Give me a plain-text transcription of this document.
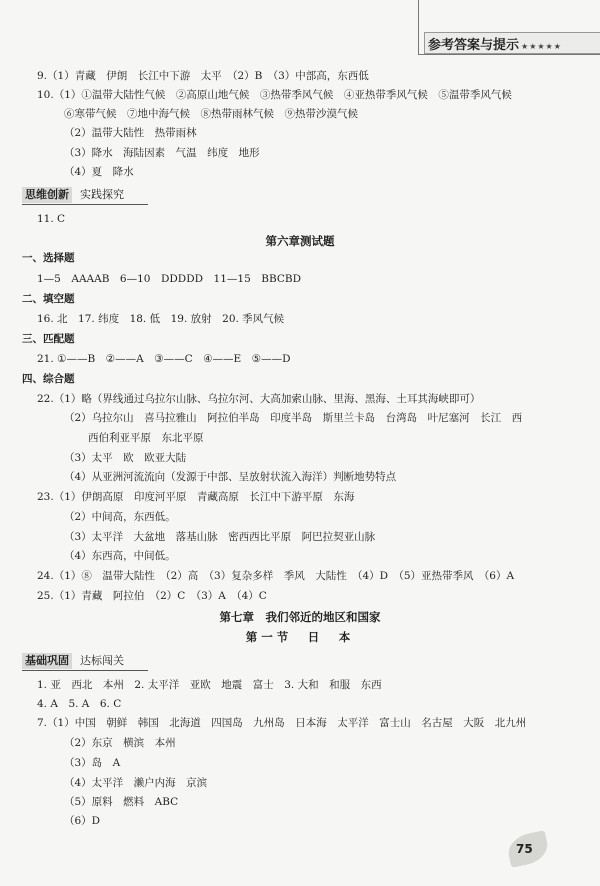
参考答案与提示 ★★★★★
9.（1）青藏　伊朗　长江中下游　太平　（2）B　（3）中部高，东西低
10.（1）①温带大陆性气候　②高原山地气候　③热带季风气候　④亚热带季风气候　⑤温带季风气候
⑥寒带气候　⑦地中海气候　⑧热带雨林气候　⑨热带沙漠气候
（2）温带大陆性　热带雨林
（3）降水　海陆因素　气温　纬度　地形
（4）夏　降水
思维创新 实践探究
11. C
第六章测试题
一、选择题
1—5　AAAAB　6—10　DDDDD　11—15　BBCBD
二、填空题
16. 北　17. 纬度　18. 低　19. 放射　20. 季风气候
三、匹配题
21. ①——B　②——A　③——C　④——E　⑤——D
四、综合题
22.（1）略（界线通过乌拉尔山脉、乌拉尔河、大高加索山脉、里海、黑海、土耳其海峡即可）
（2）乌拉尔山　喜马拉雅山　阿拉伯半岛　印度半岛　斯里兰卡岛　台湾岛　叶尼塞河　长江　西
西伯利亚平原　东北平原
（3）太平　欧　欧亚大陆
（4）从亚洲河流流向（发源于中部、呈放射状流入海洋）判断地势特点
23.（1）伊朗高原　印度河平原　青藏高原　长江中下游平原　东海
（2）中间高，东西低。
（3）太平洋　大盆地　落基山脉　密西西比平原　阿巴拉契亚山脉
（4）东西高，中间低。
24.（1）⑧　温带大陆性　（2）高　（3）复杂多样　季风　大陆性　（4）D　（5）亚热带季风　（6）A
25.（1）青藏　阿拉伯　（2）C　（3）A　（4）C
第七章　我们邻近的地区和国家
第一节　日　本
基础巩固 达标闯关
1. 亚　西北　本州　2. 太平洋　亚欧　地震　富士　3. 大和　和服　东西
4. A　5. A　6. C
7.（1）中国　朝鲜　韩国　北海道　四国岛　九州岛　日本海　太平洋　富士山　名古屋　大阪　北九州
（2）东京　横滨　本州
（3）岛　A
（4）太平洋　濑户内海　京滨
（5）原料　燃料　ABC
（6）D
75
